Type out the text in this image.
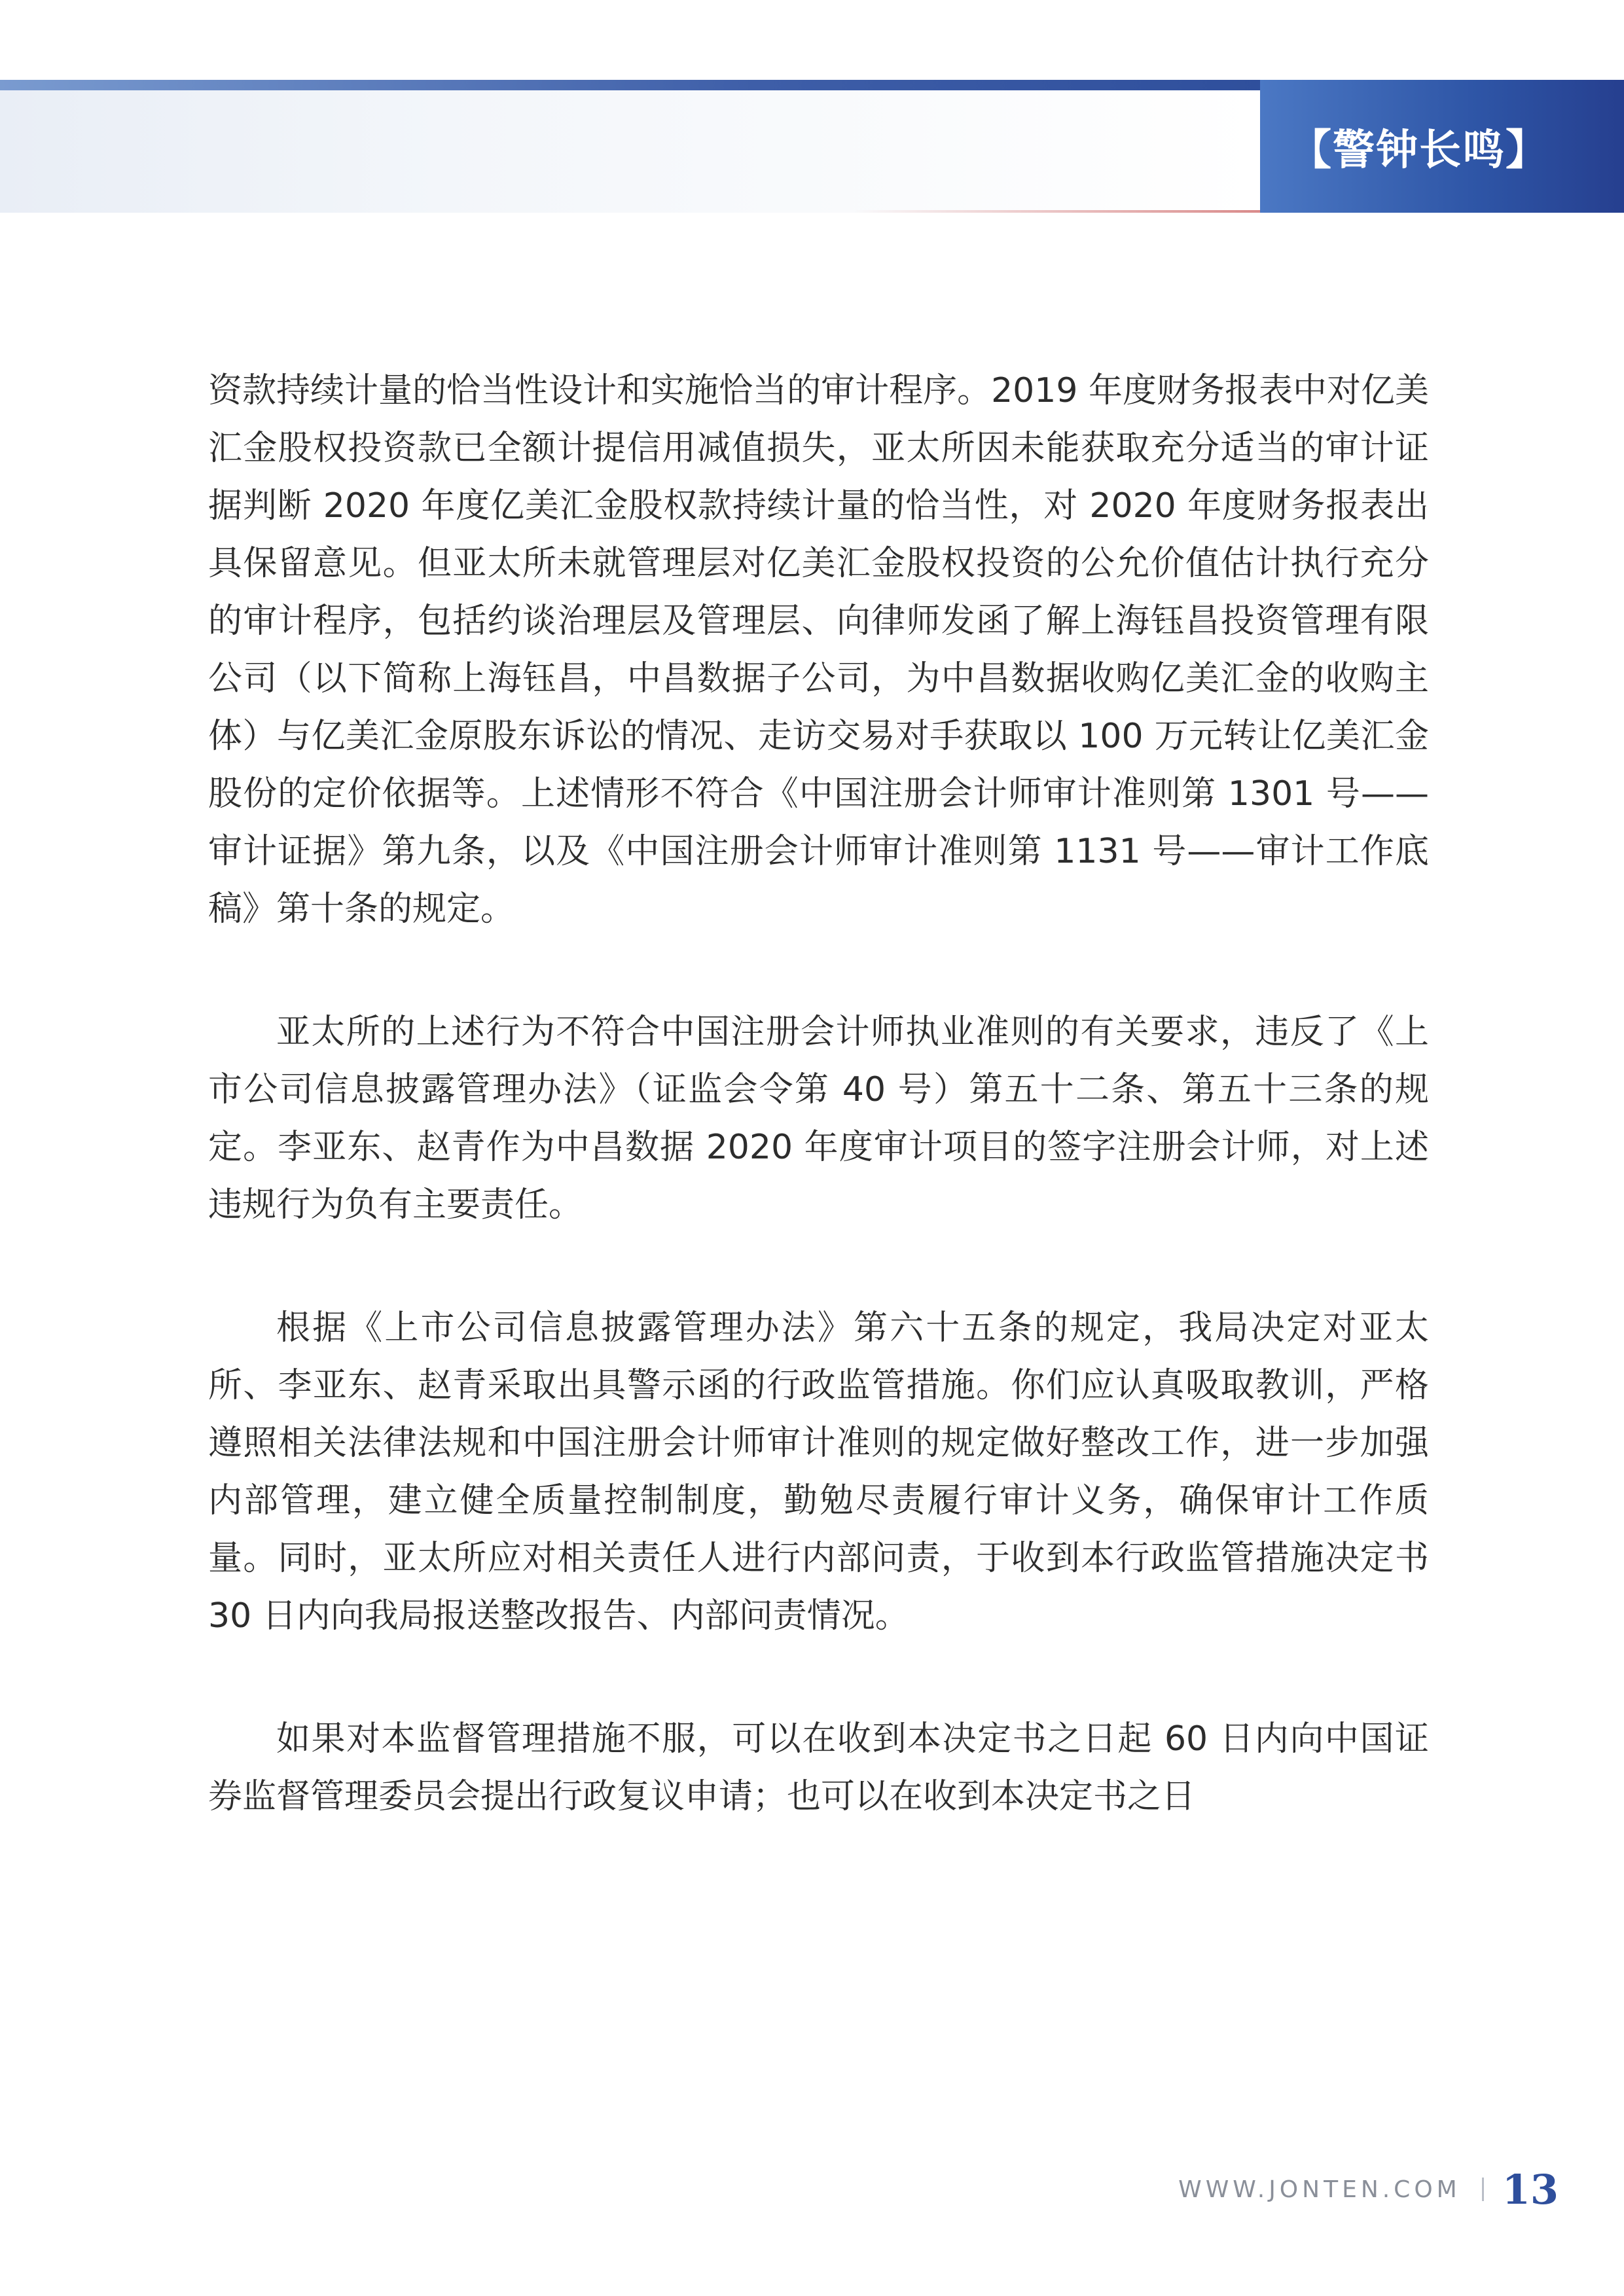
【警钟长鸣】

资款持续计量的恰当性设计和实施恰当的审计程序。2019 年度财务报表中对亿美汇金股权投资款已全额计提信用减值损失，亚太所因未能获取充分适当的审计证据判断 2020 年度亿美汇金股权款持续计量的恰当性，对 2020 年度财务报表出具保留意见。但亚太所未就管理层对亿美汇金股权投资的公允价值估计执行充分的审计程序，包括约谈治理层及管理层、向律师发函了解上海钰昌投资管理有限公司（以下简称上海钰昌，中昌数据子公司，为中昌数据收购亿美汇金的收购主体）与亿美汇金原股东诉讼的情况、走访交易对手获取以 100 万元转让亿美汇金股份的定价依据等。上述情形不符合《中国注册会计师审计准则第 1301 号——审计证据》第九条，以及《中国注册会计师审计准则第 1131 号——审计工作底稿》第十条的规定。

亚太所的上述行为不符合中国注册会计师执业准则的有关要求，违反了《上市公司信息披露管理办法》（证监会令第 40 号）第五十二条、第五十三条的规定。李亚东、赵青作为中昌数据 2020 年度审计项目的签字注册会计师，对上述违规行为负有主要责任。

根据《上市公司信息披露管理办法》第六十五条的规定，我局决定对亚太所、李亚东、赵青采取出具警示函的行政监管措施。你们应认真吸取教训，严格遵照相关法律法规和中国注册会计师审计准则的规定做好整改工作，进一步加强内部管理，建立健全质量控制制度，勤勉尽责履行审计义务，确保审计工作质量。同时，亚太所应对相关责任人进行内部问责，于收到本行政监管措施决定书 30 日内向我局报送整改报告、内部问责情况。

如果对本监督管理措施不服，可以在收到本决定书之日起 60 日内向中国证券监督管理委员会提出行政复议申请；也可以在收到本决定书之日

WWW.JONTEN.COM 13
